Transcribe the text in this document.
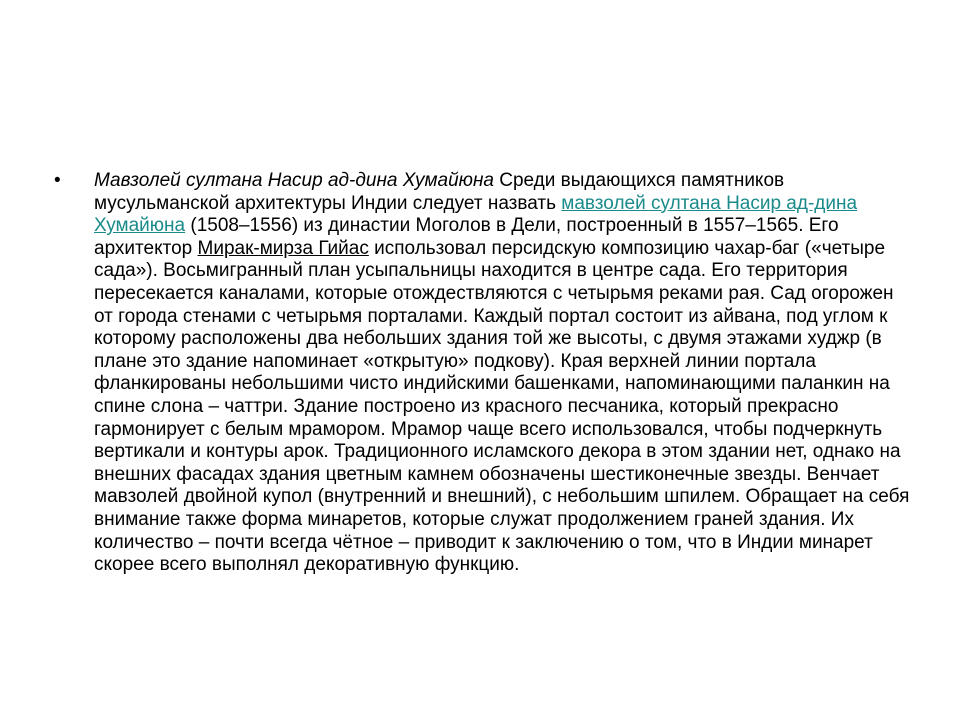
• Мавзолей султана Насир ад-дина Хумайюна Среди выдающихся памятников мусульманской архитектуры Индии следует назвать мавзолей султана Насир ад-дина Хумайюна (1508–1556) из династии Моголов в Дели, построенный в 1557–1565. Его архитектор Мирак-мирза Гийас использовал персидскую композицию чахар-баг («четыре сада»). Восьмигранный план усыпальницы находится в центре сада. Его территория пересекается каналами, которые отождествляются с четырьмя реками рая. Сад огорожен от города стенами с четырьмя порталами. Каждый портал состоит из айвана, под углом к которому расположены два небольших здания той же высоты, с двумя этажами худжр (в плане это здание напоминает «открытую» подкову). Края верхней линии портала фланкированы небольшими чисто индийскими башенками, напоминающими паланкин на спине слона – чаттри. Здание построено из красного песчаника, который прекрасно гармонирует с белым мрамором. Мрамор чаще всего использовался, чтобы подчеркнуть вертикали и контуры арок. Традиционного исламского декора в этом здании нет, однако на внешних фасадах здания цветным камнем обозначены шестиконечные звезды. Венчает мавзолей двойной купол (внутренний и внешний), с небольшим шпилем. Обращает на себя внимание также форма минаретов, которые служат продолжением граней здания. Их количество – почти всегда чётное – приводит к заключению о том, что в Индии минарет скорее всего выполнял декоративную функцию.
